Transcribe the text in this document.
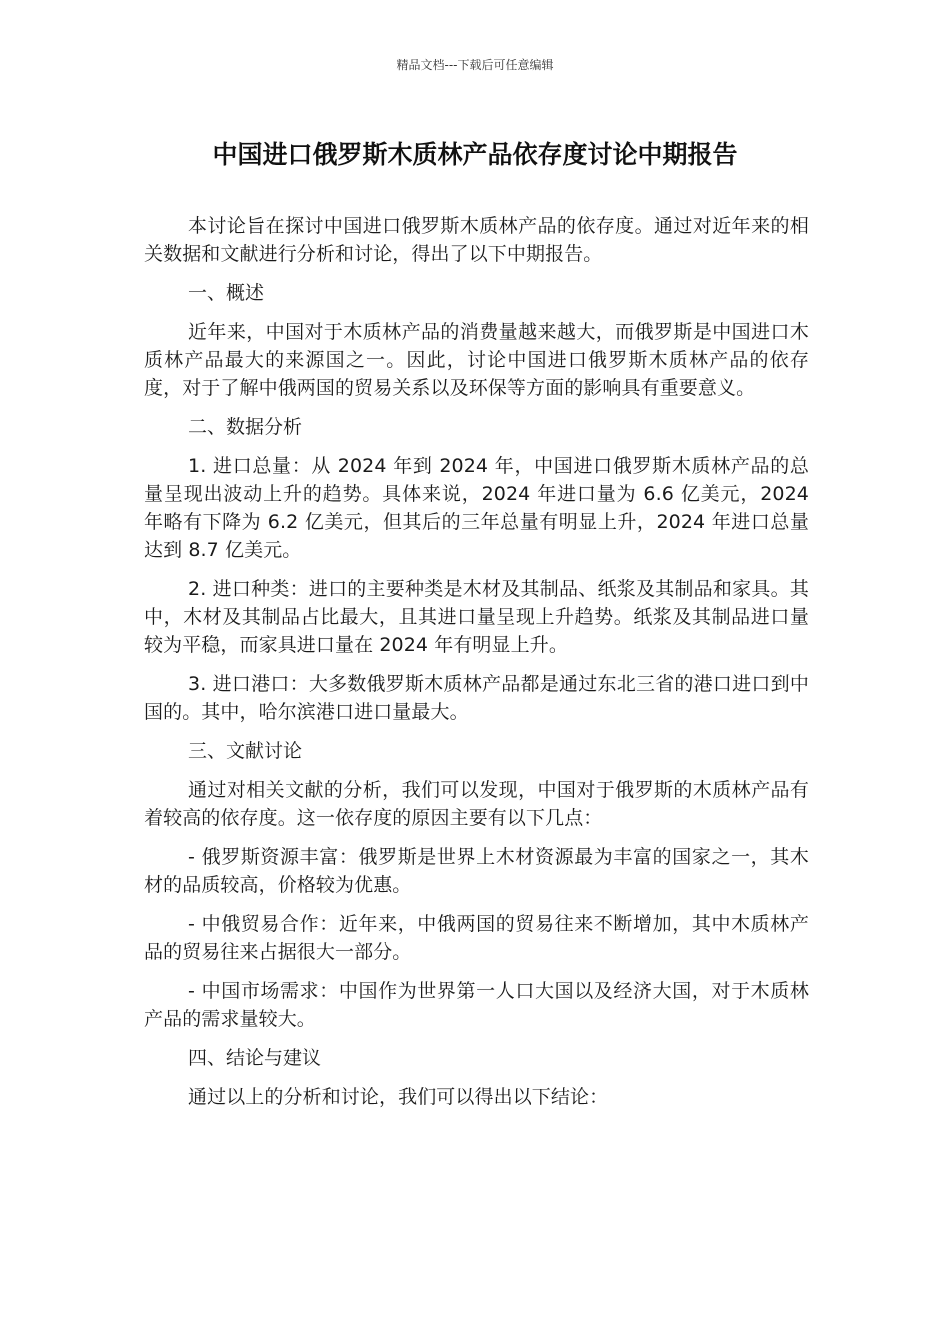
精品文档---下载后可任意编辑
中国进口俄罗斯木质林产品依存度讨论中期报告

本讨论旨在探讨中国进口俄罗斯木质林产品的依存度。通过对近年来的相关数据和文献进行分析和讨论，得出了以下中期报告。

一、概述

近年来，中国对于木质林产品的消费量越来越大，而俄罗斯是中国进口木质林产品最大的来源国之一。因此，讨论中国进口俄罗斯木质林产品的依存度，对于了解中俄两国的贸易关系以及环保等方面的影响具有重要意义。

二、数据分析

1. 进口总量：从 2024 年到 2024 年，中国进口俄罗斯木质林产品的总量呈现出波动上升的趋势。具体来说，2024 年进口量为 6.6 亿美元，2024 年略有下降为 6.2 亿美元，但其后的三年总量有明显上升，2024 年进口总量达到 8.7 亿美元。

2. 进口种类：进口的主要种类是木材及其制品、纸浆及其制品和家具。其中，木材及其制品占比最大，且其进口量呈现上升趋势。纸浆及其制品进口量较为平稳，而家具进口量在 2024 年有明显上升。

3. 进口港口：大多数俄罗斯木质林产品都是通过东北三省的港口进口到中国的。其中，哈尔滨港口进口量最大。

三、文献讨论

通过对相关文献的分析，我们可以发现，中国对于俄罗斯的木质林产品有着较高的依存度。这一依存度的原因主要有以下几点：

- 俄罗斯资源丰富：俄罗斯是世界上木材资源最为丰富的国家之一，其木材的品质较高，价格较为优惠。

- 中俄贸易合作：近年来，中俄两国的贸易往来不断增加，其中木质林产品的贸易往来占据很大一部分。

- 中国市场需求：中国作为世界第一人口大国以及经济大国，对于木质林产品的需求量较大。

四、结论与建议

通过以上的分析和讨论，我们可以得出以下结论：
